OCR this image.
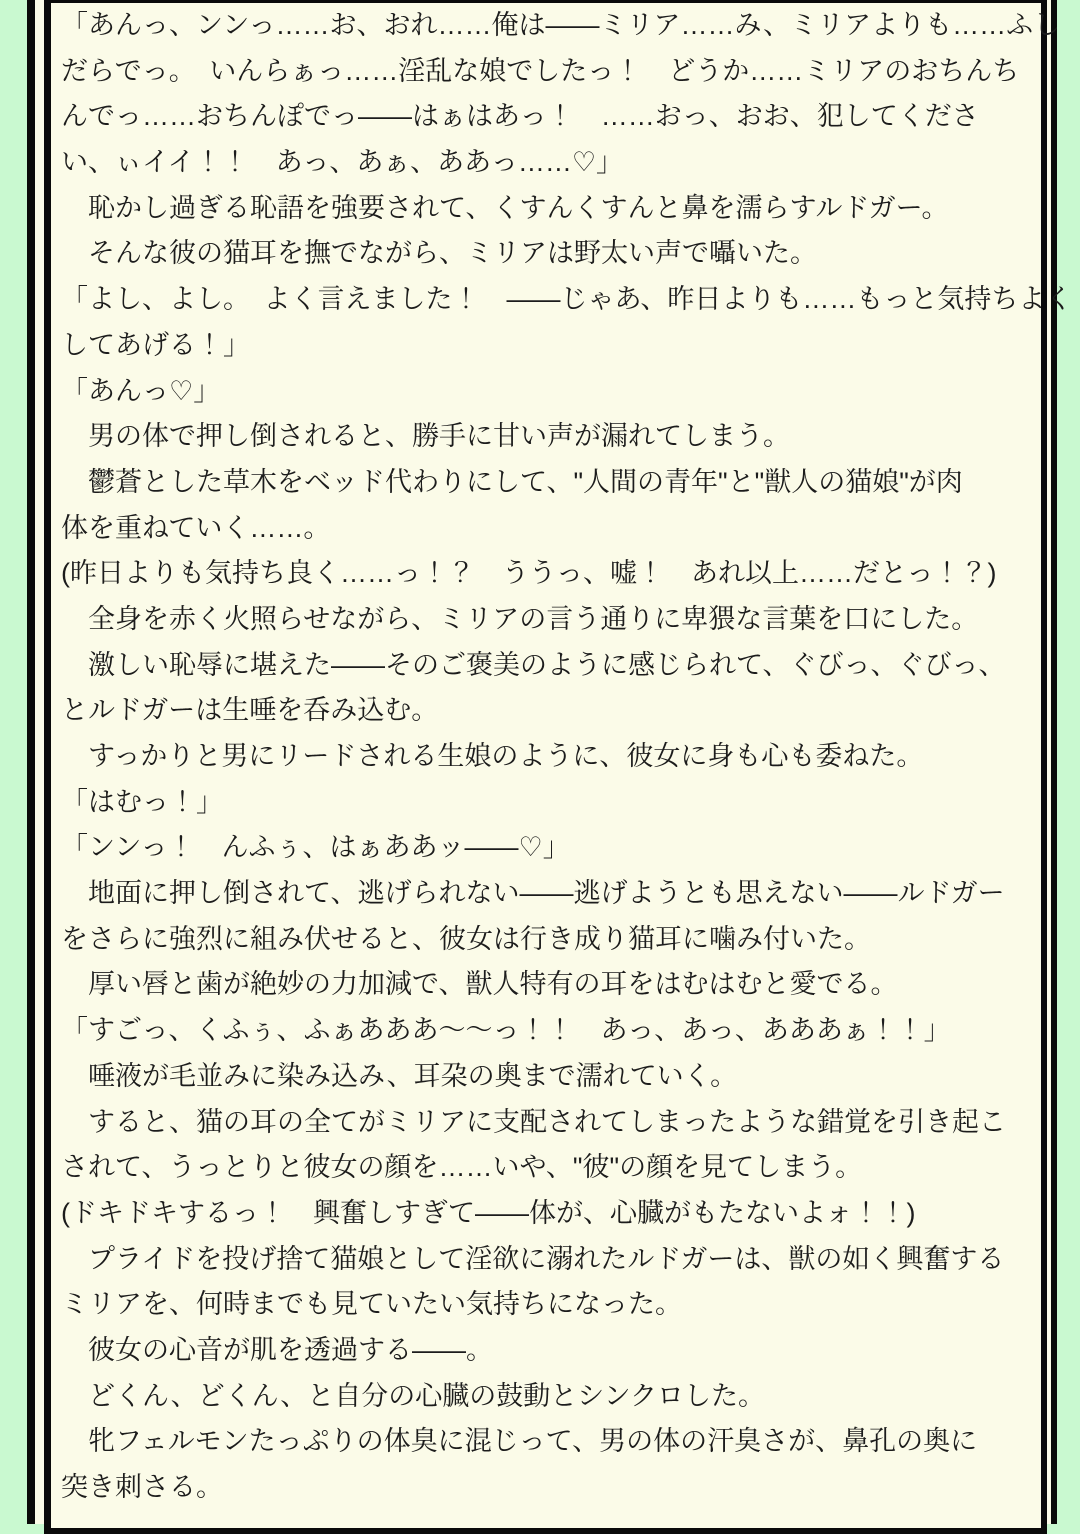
「あんっ、ンンっ……お、おれ……俺は――ミリア……み、ミリアよりも……ふし
だらでっ。　いんらぁっ……淫乱な娘でしたっ！　どうか……ミリアのおちんち
んでっ……おちんぽでっ――はぁはあっ！　……おっ、おお、犯してくださ
い、ぃイイ！！　あっ、あぁ、ああっ……♡」
　恥かし過ぎる恥語を強要されて、くすんくすんと鼻を濡らすルドガー。
　そんな彼の猫耳を撫でながら、ミリアは野太い声で囁いた。
「よし、よし。　よく言えました！　――じゃあ、昨日よりも……もっと気持ちよく
してあげる！」
「あんっ♡」
　男の体で押し倒されると、勝手に甘い声が漏れてしまう。
　鬱蒼とした草木をベッド代わりにして、"人間の青年"と"獣人の猫娘"が肉
体を重ねていく……。
(昨日よりも気持ち良く……っ！？　ううっ、嘘！　あれ以上……だとっ！？)
　全身を赤く火照らせながら、ミリアの言う通りに卑猥な言葉を口にした。
　激しい恥辱に堪えた――そのご褒美のように感じられて、ぐびっ、ぐびっ、
とルドガーは生唾を呑み込む。
　すっかりと男にリードされる生娘のように、彼女に身も心も委ねた。
「はむっ！」
「ンンっ！　んふぅ、はぁああッ――♡」
　地面に押し倒されて、逃げられない――逃げようとも思えない――ルドガー
をさらに強烈に組み伏せると、彼女は行き成り猫耳に噛み付いた。
　厚い唇と歯が絶妙の力加減で、獣人特有の耳をはむはむと愛でる。
「すごっ、くふぅ、ふぁあああ～～っ！！　あっ、あっ、あああぁ！！」
　唾液が毛並みに染み込み、耳朶の奥まで濡れていく。
　すると、猫の耳の全てがミリアに支配されてしまったような錯覚を引き起こ
されて、うっとりと彼女の顔を……いや、"彼"の顔を見てしまう。
(ドキドキするっ！　興奮しすぎて――体が、心臓がもたないよォ！！)
　プライドを投げ捨て猫娘として淫欲に溺れたルドガーは、獣の如く興奮する
ミリアを、何時までも見ていたい気持ちになった。
　彼女の心音が肌を透過する――。
　どくん、どくん、と自分の心臓の鼓動とシンクロした。
　牝フェルモンたっぷりの体臭に混じって、男の体の汗臭さが、鼻孔の奥に
突き刺さる。
